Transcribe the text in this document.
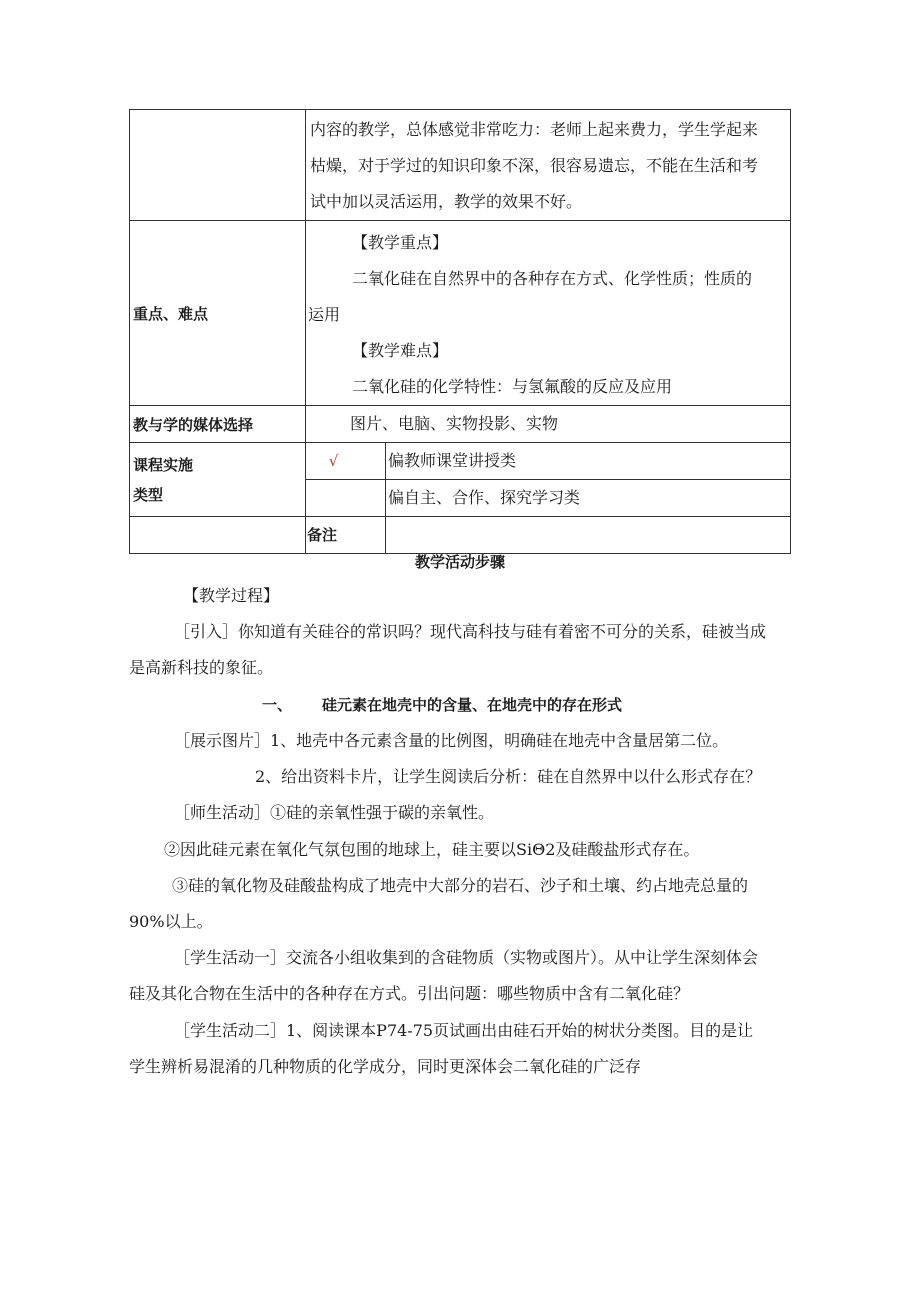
	内容的教学，总体感觉非常吃力：老师上起来费力，学生学起来
枯燥，对于学过的知识印象不深，很容易遗忘，不能在生活和考
试中加以灵活运用，教学的效果不好。	

重点、难点	【教学重点】
二氧化硅在自然界中的各种存在方式、化学性质；性质的
运用
【教学难点】
二氧化硅的化学特性：与氢氟酸的反应及应用	

教与学的媒体选择	图片、电脑、实物投影、实物	

课程实施
类型	√	偏教师课堂讲授类

		偏自主、合作、探究学习类

	备注	

教学活动步骤
【教学过程】
［引入］你知道有关硅谷的常识吗？现代高科技与硅有着密不可分的关系，硅被当成
是高新科技的象征。
一、 硅元素在地壳中的含量、在地壳中的存在形式
［展示图片］1、地壳中各元素含量的比例图，明确硅在地壳中含量居第二位。
2、给出资料卡片，让学生阅读后分析：硅在自然界中以什么形式存在？
［师生活动］①硅的亲氧性强于碳的亲氧性。
②因此硅元素在氧化气氛包围的地球上，硅主要以SiΘ2及硅酸盐形式存在。
③硅的氧化物及硅酸盐构成了地壳中大部分的岩石、沙子和土壤、约占地壳总量的
90%以上。
［学生活动一］交流各小组收集到的含硅物质（实物或图片）。从中让学生深刻体会
硅及其化合物在生活中的各种存在方式。引出问题：哪些物质中含有二氧化硅？
［学生活动二］1、阅读课本P74-75页试画出由硅石开始的树状分类图。目的是让
学生辨析易混淆的几种物质的化学成分，同时更深体会二氧化硅的广泛存
